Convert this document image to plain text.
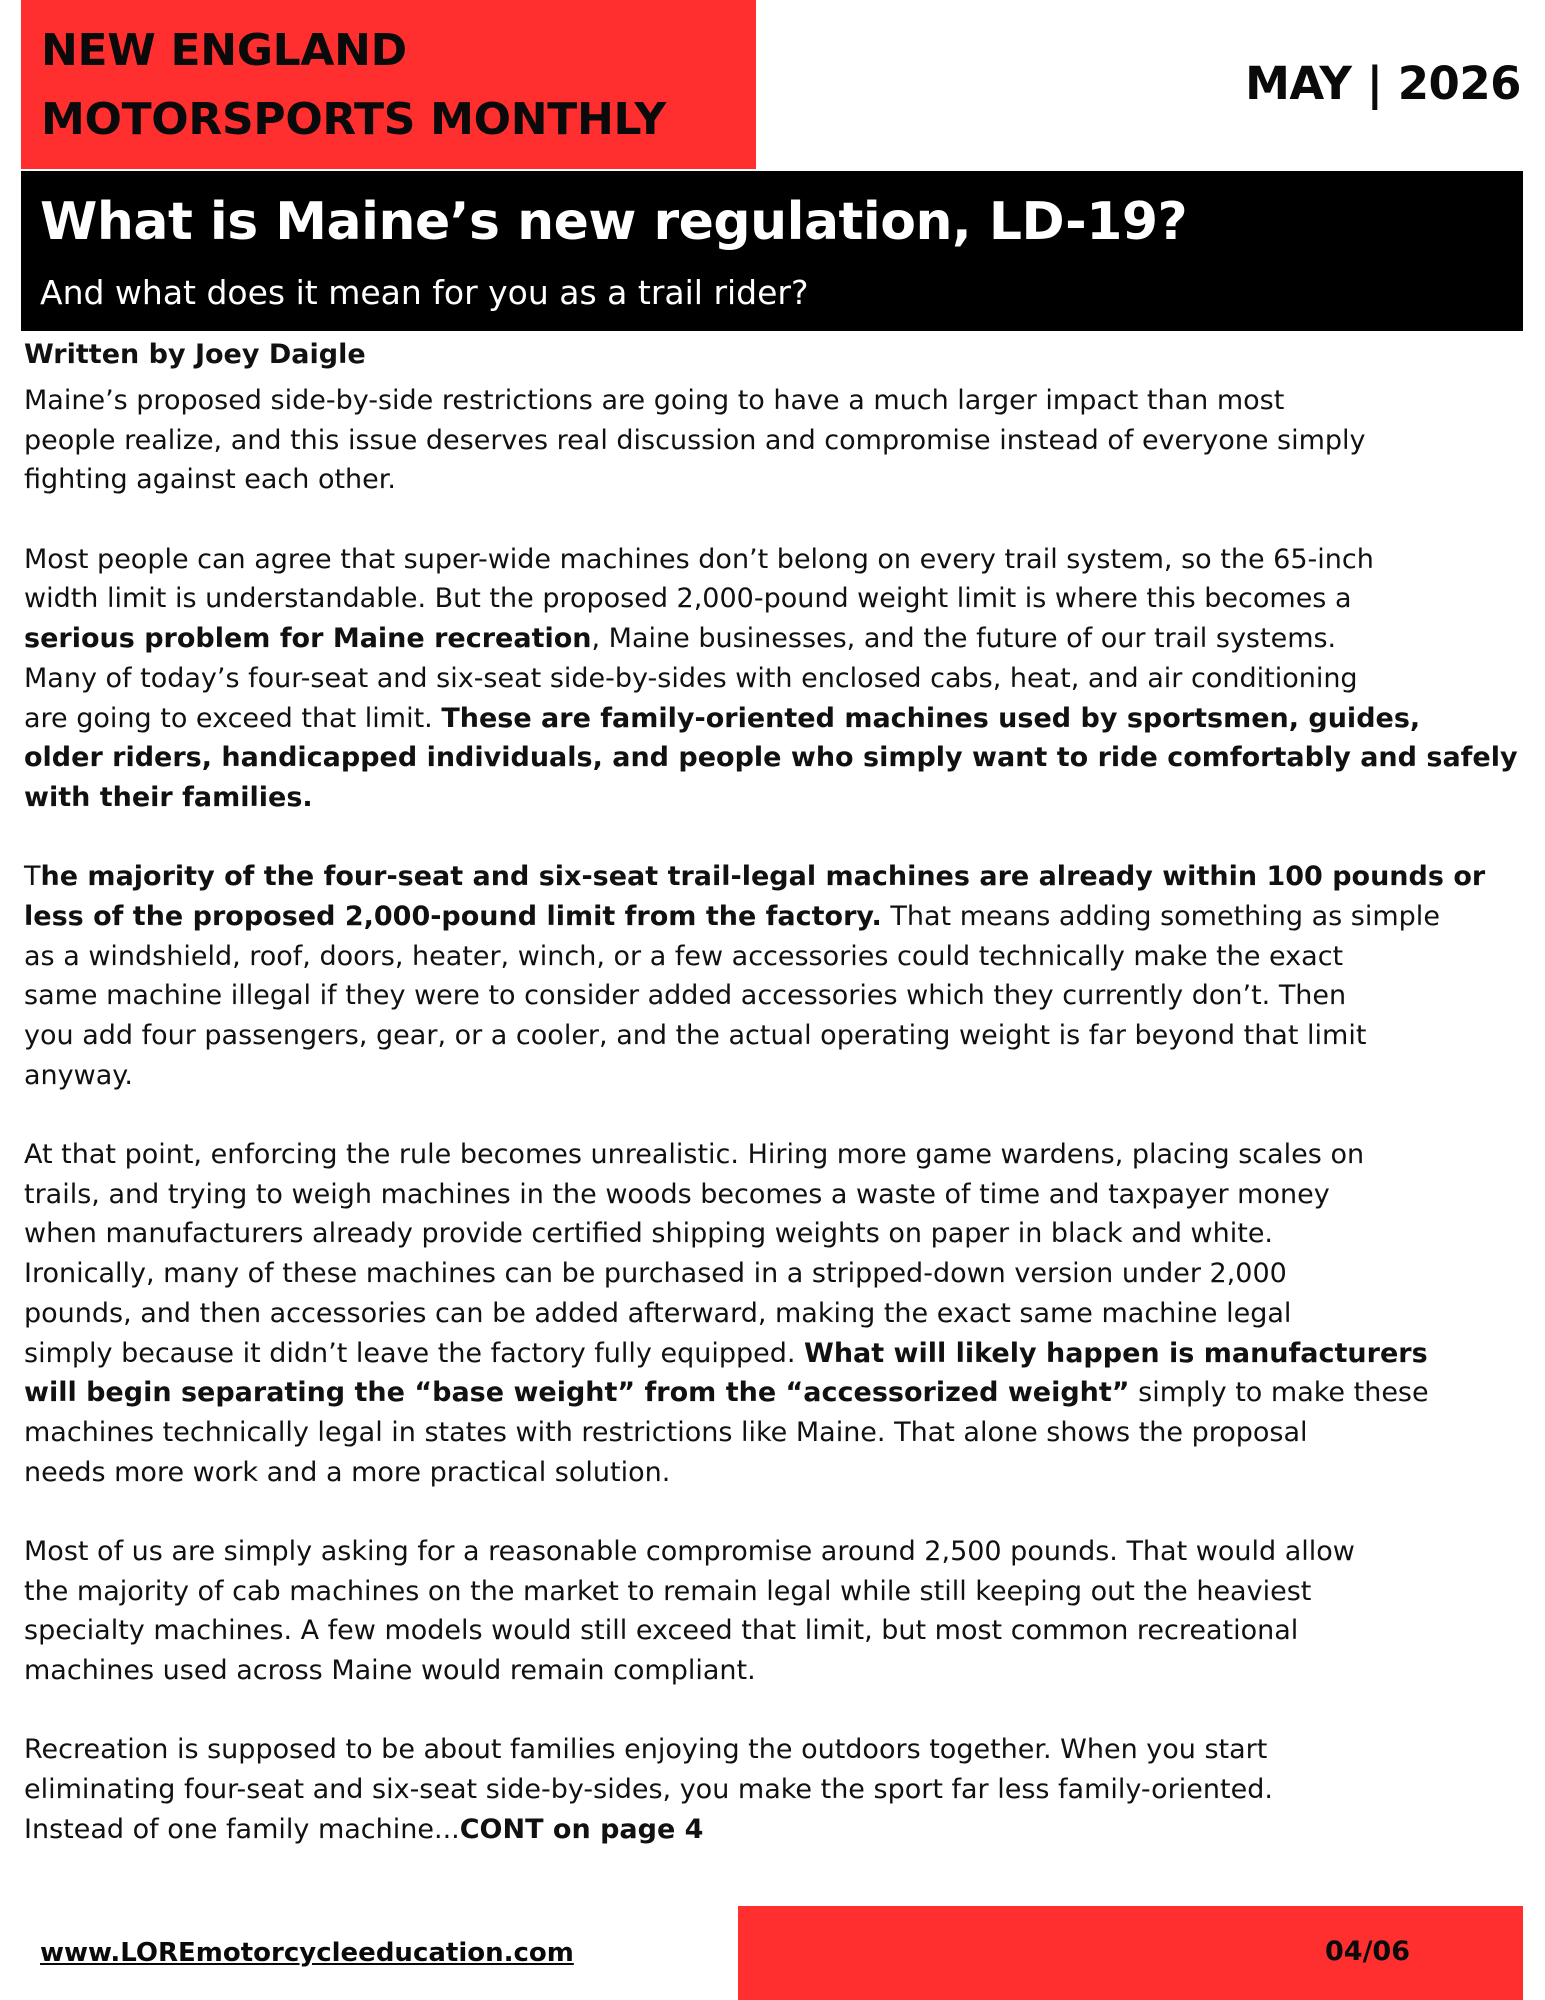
NEW ENGLAND
MOTORSPORTS MONTHLY
MAY | 2026
What is Maine’s new regulation, LD-19?
And what does it mean for you as a trail rider?
Written by Joey Daigle
Maine’s proposed side-by-side restrictions are going to have a much larger impact than most
people realize, and this issue deserves real discussion and compromise instead of everyone simply
fighting against each other.
Most people can agree that super-wide machines don’t belong on every trail system, so the 65-inch
width limit is understandable. But the proposed 2,000-pound weight limit is where this becomes a
serious problem for Maine recreation, Maine businesses, and the future of our trail systems.
Many of today’s four-seat and six-seat side-by-sides with enclosed cabs, heat, and air conditioning
are going to exceed that limit. These are family-oriented machines used by sportsmen, guides,
older riders, handicapped individuals, and people who simply want to ride comfortably and safely
with their families.
The majority of the four-seat and six-seat trail-legal machines are already within 100 pounds or
less of the proposed 2,000-pound limit from the factory. That means adding something as simple
as a windshield, roof, doors, heater, winch, or a few accessories could technically make the exact
same machine illegal if they were to consider added accessories which they currently don’t. Then
you add four passengers, gear, or a cooler, and the actual operating weight is far beyond that limit
anyway.
At that point, enforcing the rule becomes unrealistic. Hiring more game wardens, placing scales on
trails, and trying to weigh machines in the woods becomes a waste of time and taxpayer money
when manufacturers already provide certified shipping weights on paper in black and white.
Ironically, many of these machines can be purchased in a stripped-down version under 2,000
pounds, and then accessories can be added afterward, making the exact same machine legal
simply because it didn’t leave the factory fully equipped. What will likely happen is manufacturers
will begin separating the “base weight” from the “accessorized weight” simply to make these
machines technically legal in states with restrictions like Maine. That alone shows the proposal
needs more work and a more practical solution.
Most of us are simply asking for a reasonable compromise around 2,500 pounds. That would allow
the majority of cab machines on the market to remain legal while still keeping out the heaviest
specialty machines. A few models would still exceed that limit, but most common recreational
machines used across Maine would remain compliant.
Recreation is supposed to be about families enjoying the outdoors together. When you start
eliminating four-seat and six-seat side-by-sides, you make the sport far less family-oriented.
Instead of one family machine...CONT on page 4
www.LOREmotorcycleeducation.com	04/06
